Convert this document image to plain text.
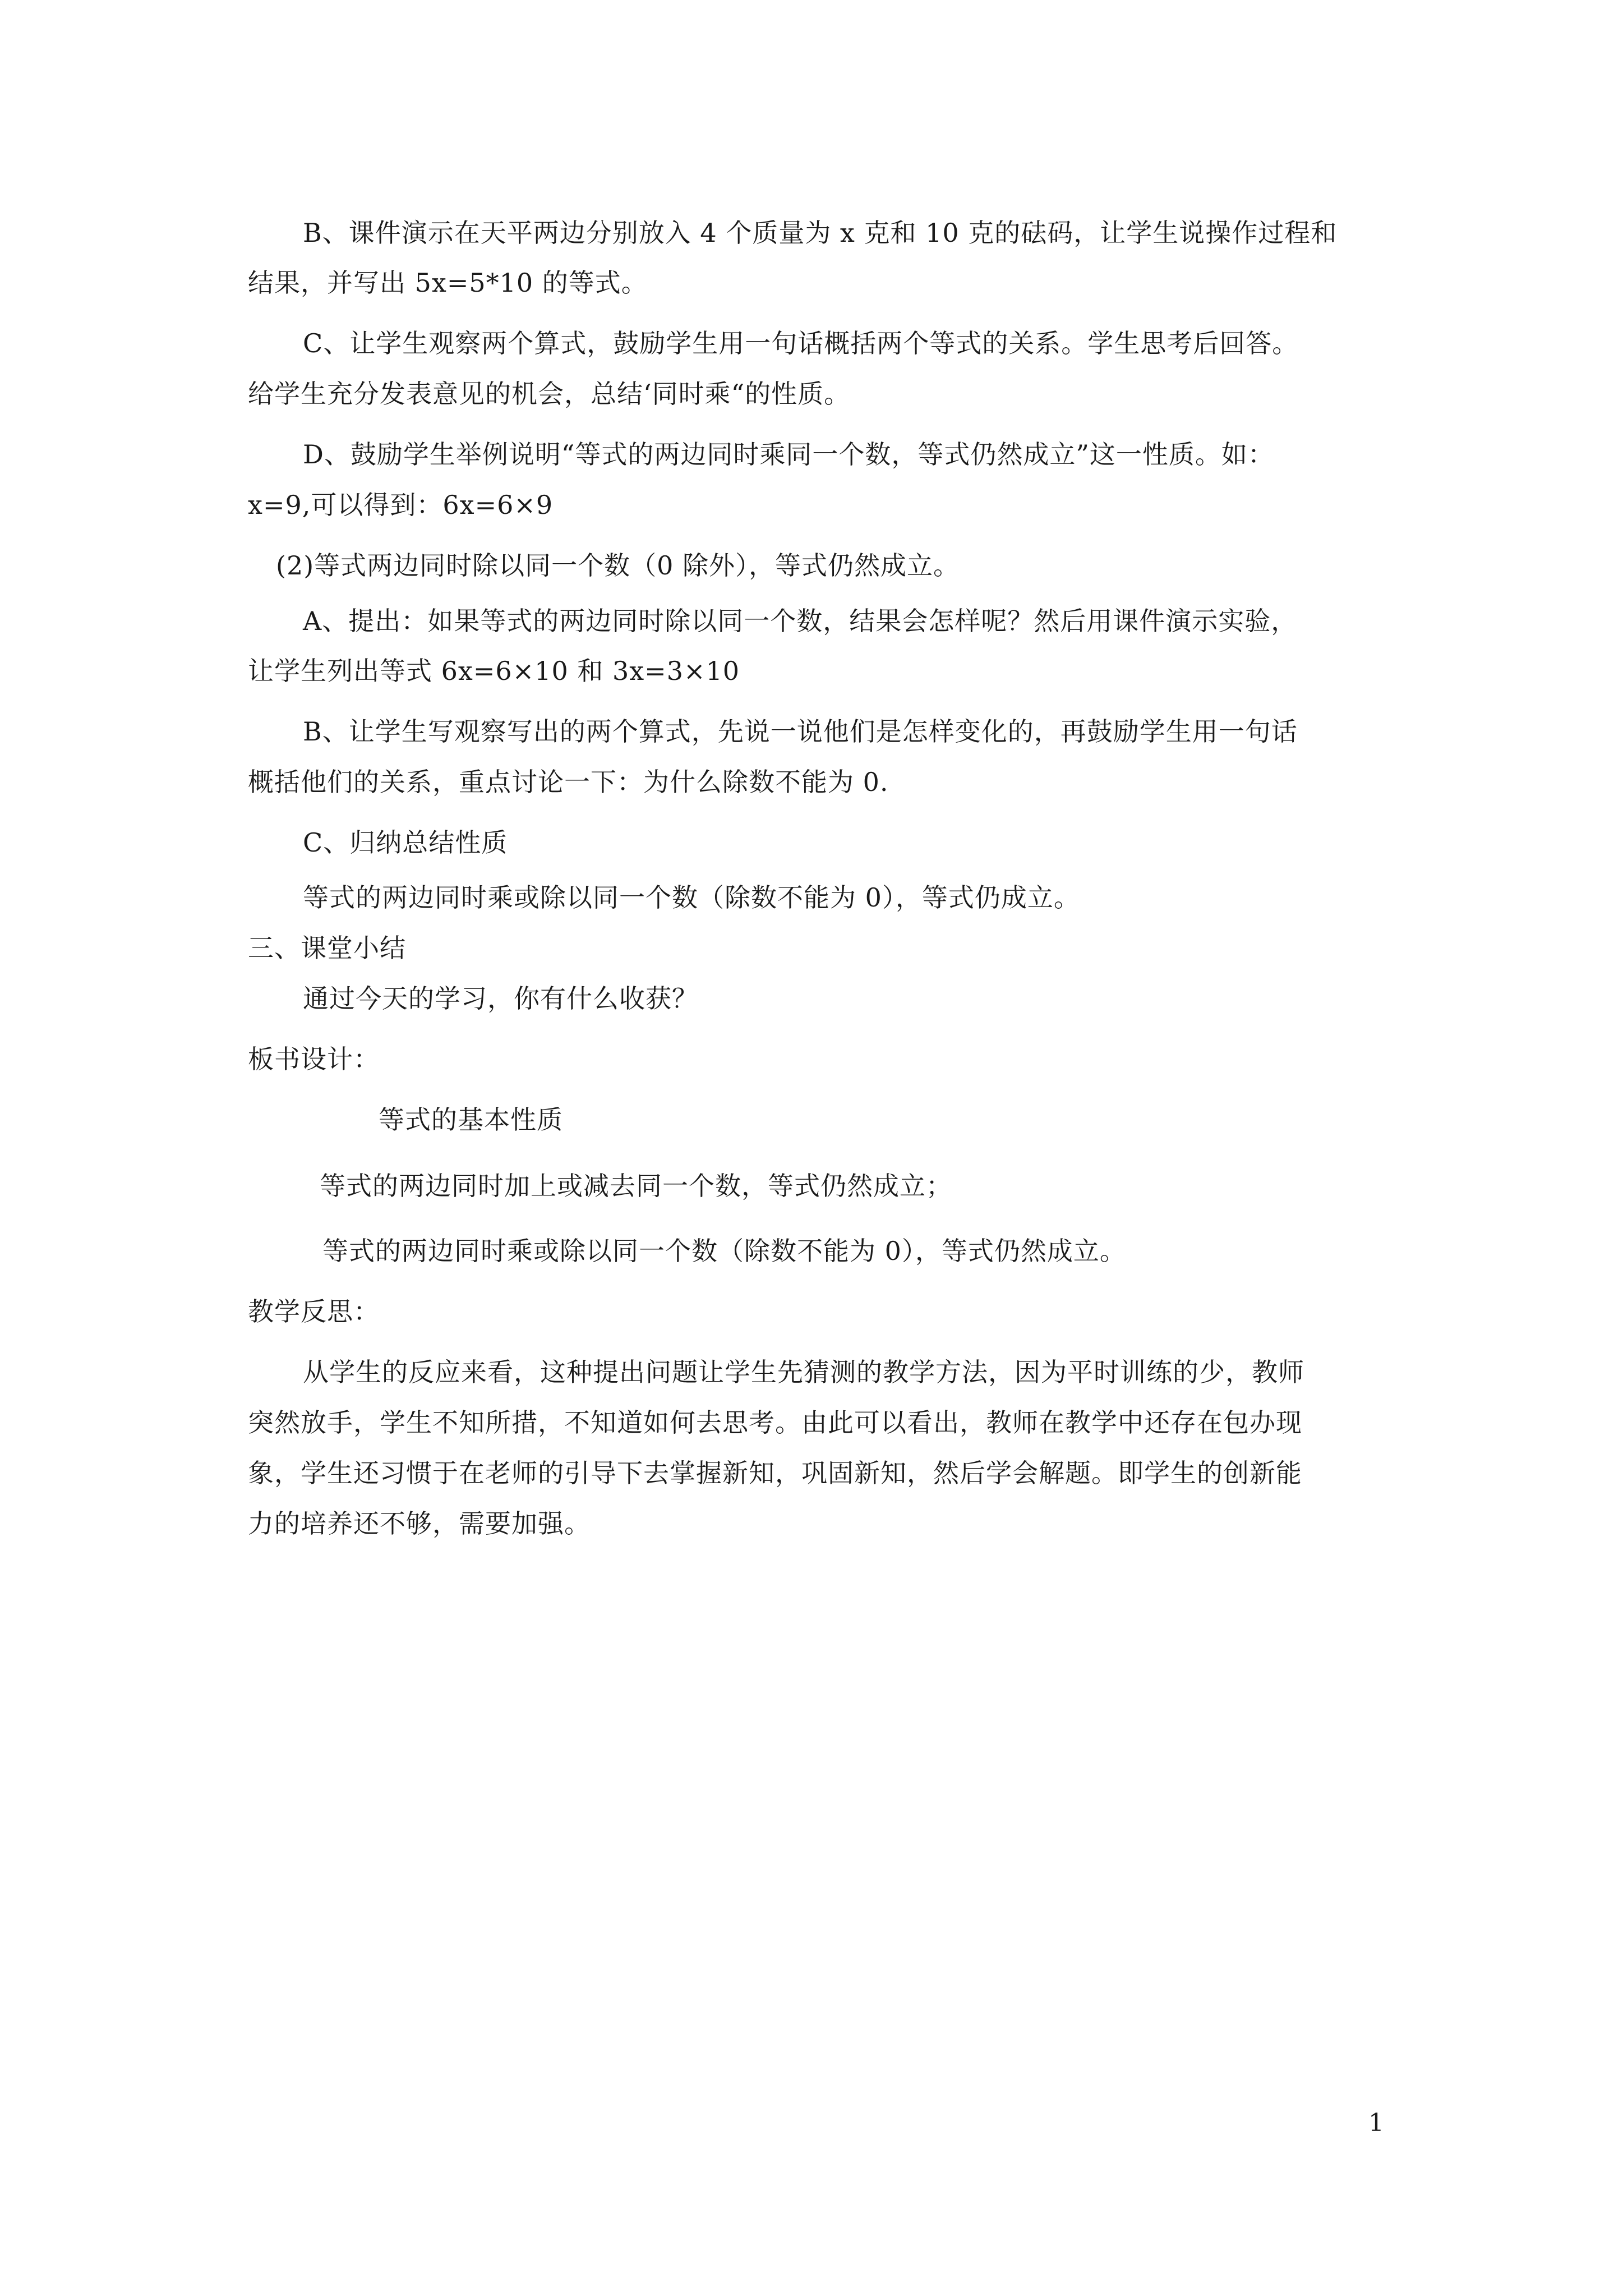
B、课件演示在天平两边分别放入 4 个质量为 x 克和 10 克的砝码，让学生说操作过程和
结果，并写出 5x=5*10 的等式。
C、让学生观察两个算式，鼓励学生用一句话概括两个等式的关系。学生思考后回答。
给学生充分发表意见的机会，总结‘同时乘“的性质。
D、鼓励学生举例说明“等式的两边同时乘同一个数，等式仍然成立”这一性质。如：
x=9,可以得到：6x=6×9
(2)等式两边同时除以同一个数（0 除外），等式仍然成立。
A、提出：如果等式的两边同时除以同一个数，结果会怎样呢？然后用课件演示实验，
让学生列出等式 6x=6×10 和 3x=3×10
B、让学生写观察写出的两个算式，先说一说他们是怎样变化的，再鼓励学生用一句话
概括他们的关系，重点讨论一下：为什么除数不能为 0.
C、归纳总结性质
等式的两边同时乘或除以同一个数（除数不能为 0），等式仍成立。
三、课堂小结
通过今天的学习，你有什么收获？
板书设计：
等式的基本性质
等式的两边同时加上或减去同一个数，等式仍然成立；
等式的两边同时乘或除以同一个数（除数不能为 0），等式仍然成立。
教学反思：
从学生的反应来看，这种提出问题让学生先猜测的教学方法，因为平时训练的少，教师
突然放手，学生不知所措，不知道如何去思考。由此可以看出，教师在教学中还存在包办现
象，学生还习惯于在老师的引导下去掌握新知，巩固新知，然后学会解题。即学生的创新能
力的培养还不够，需要加强。
1
